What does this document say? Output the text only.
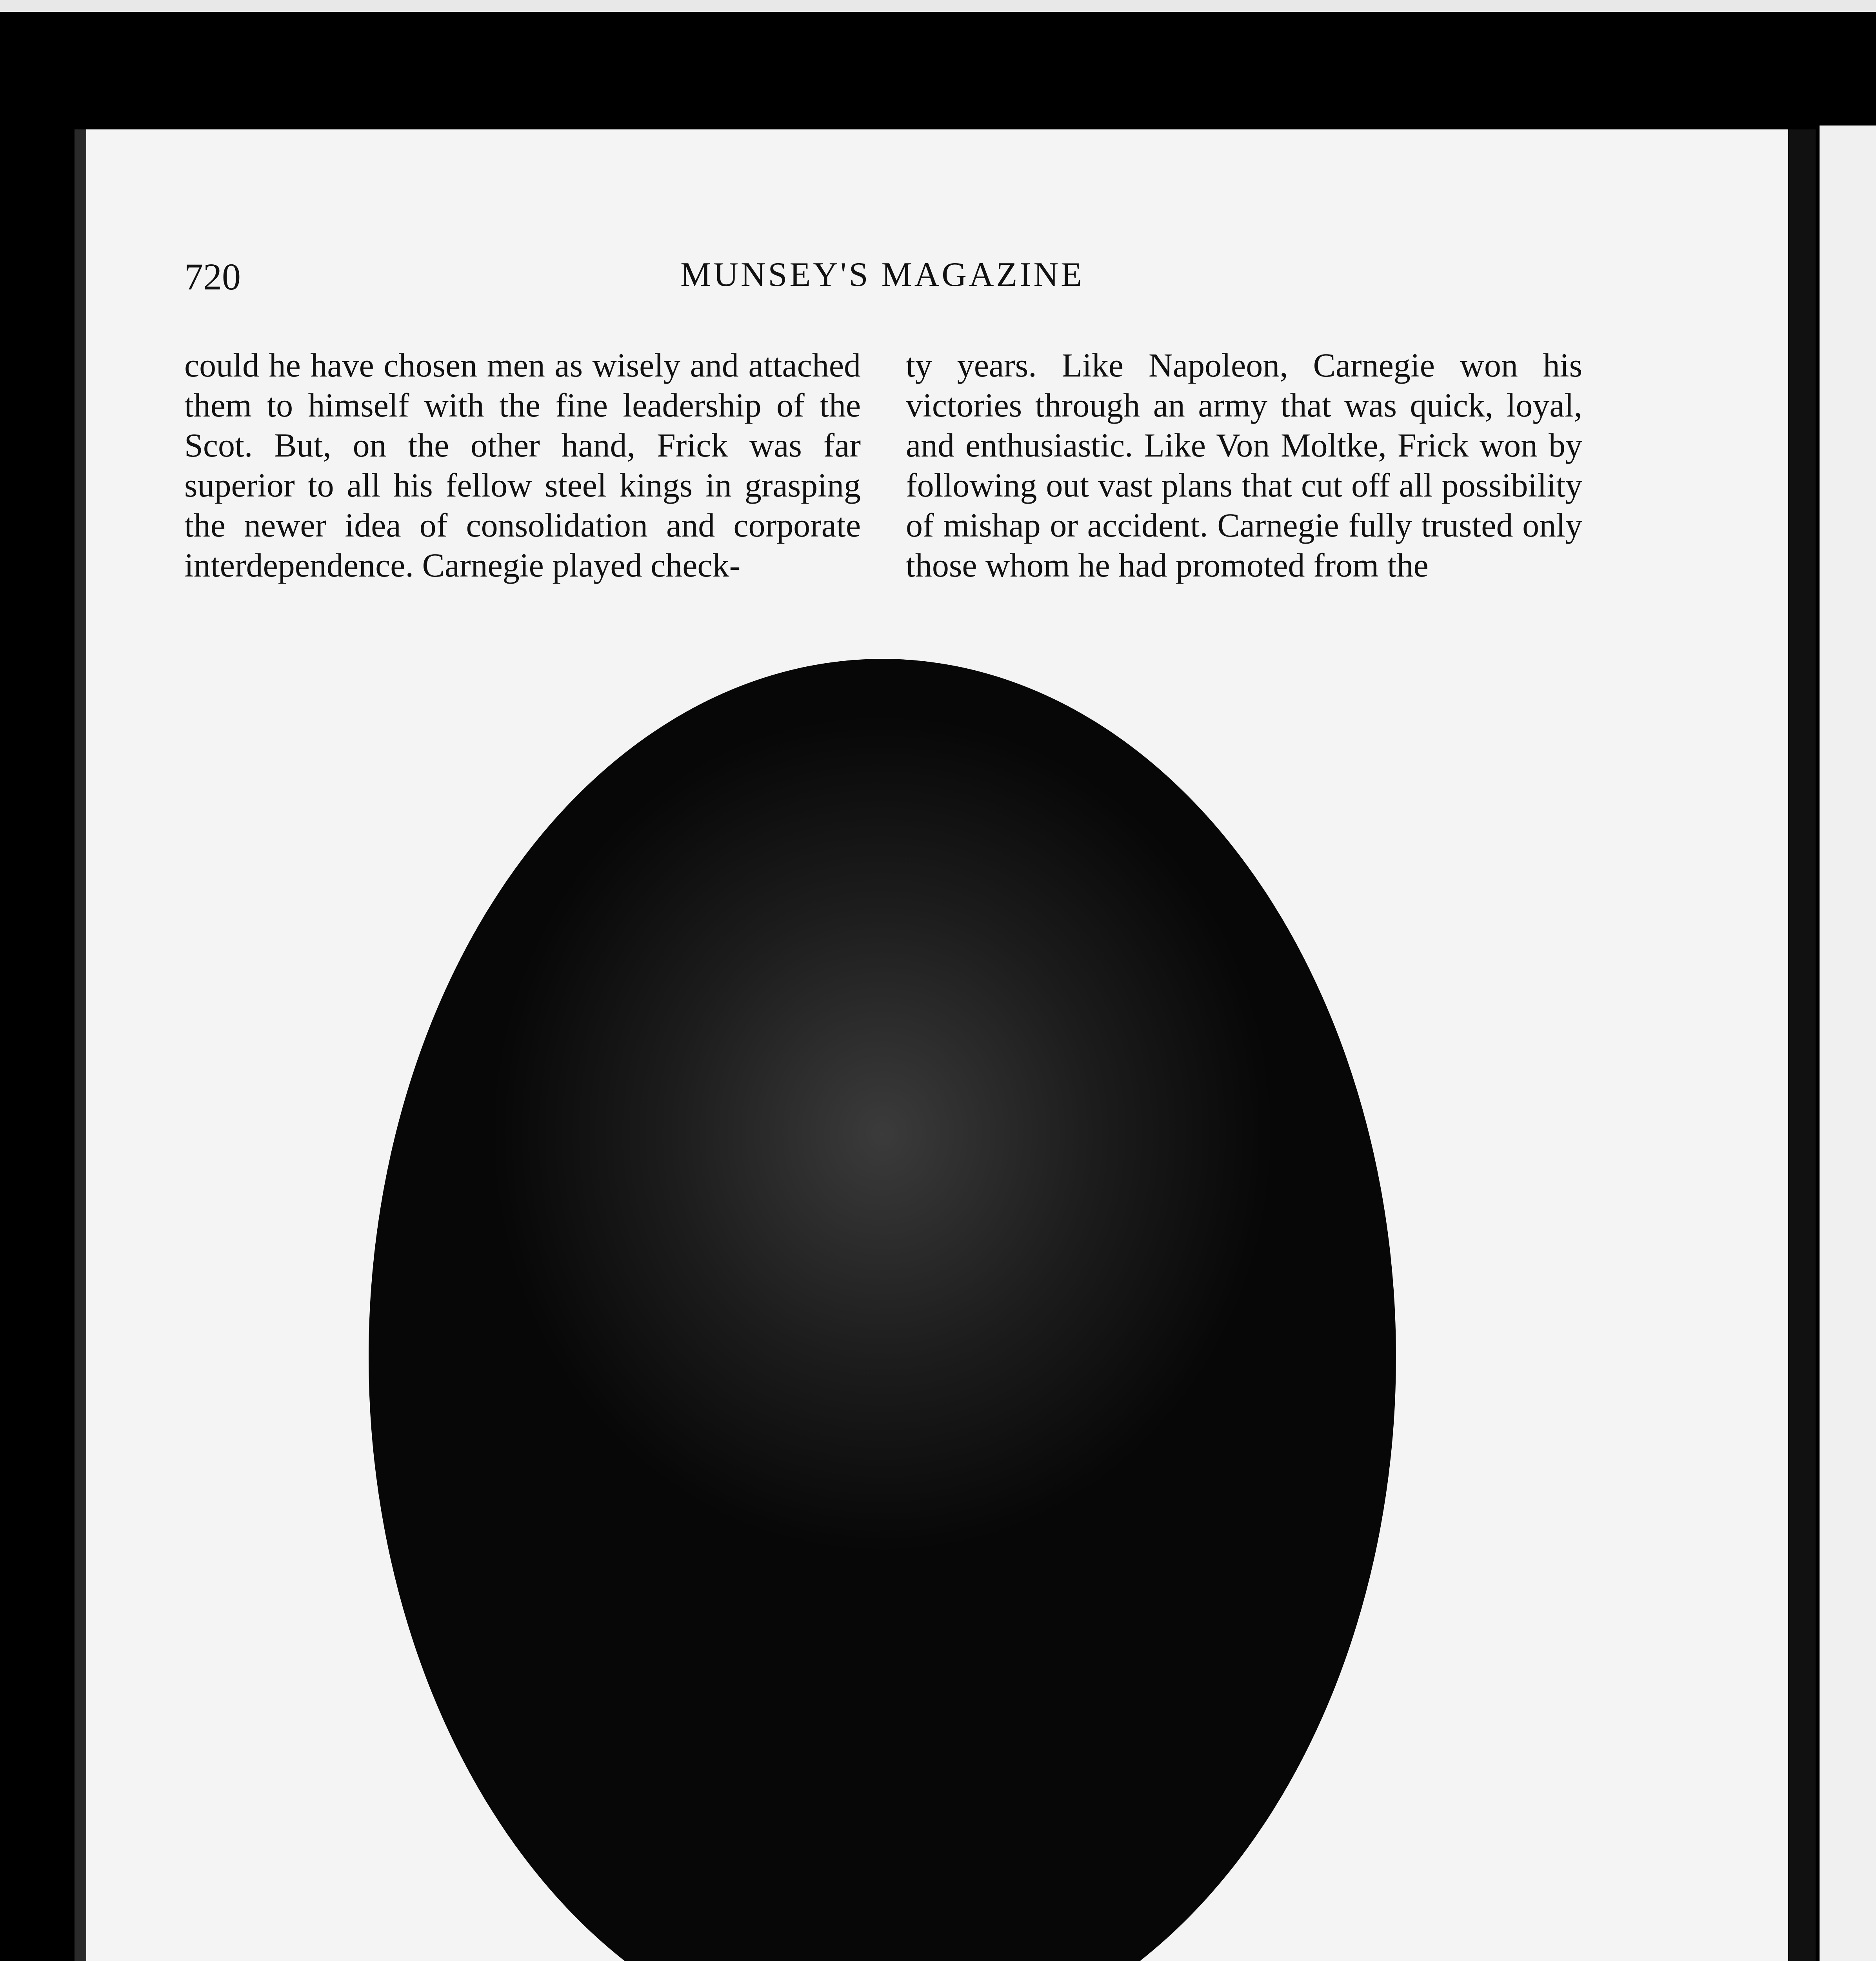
720	MUNSEY'S MAGAZINE

could he have chosen men as wisely and attached them to himself with the fine leadership of the Scot. But, on the other hand, Frick was far superior to all his fellow steel kings in grasping the newer idea of consolidation and corporate interdependence. Carnegie played check-

ty years. Like Napoleon, Carnegie won his victories through an army that was quick, loyal, and enthusiastic. Like Von Moltke, Frick won by following out vast plans that cut off all possibility of mishap or accident. Carnegie fully trusted only those whom he had promoted from the
